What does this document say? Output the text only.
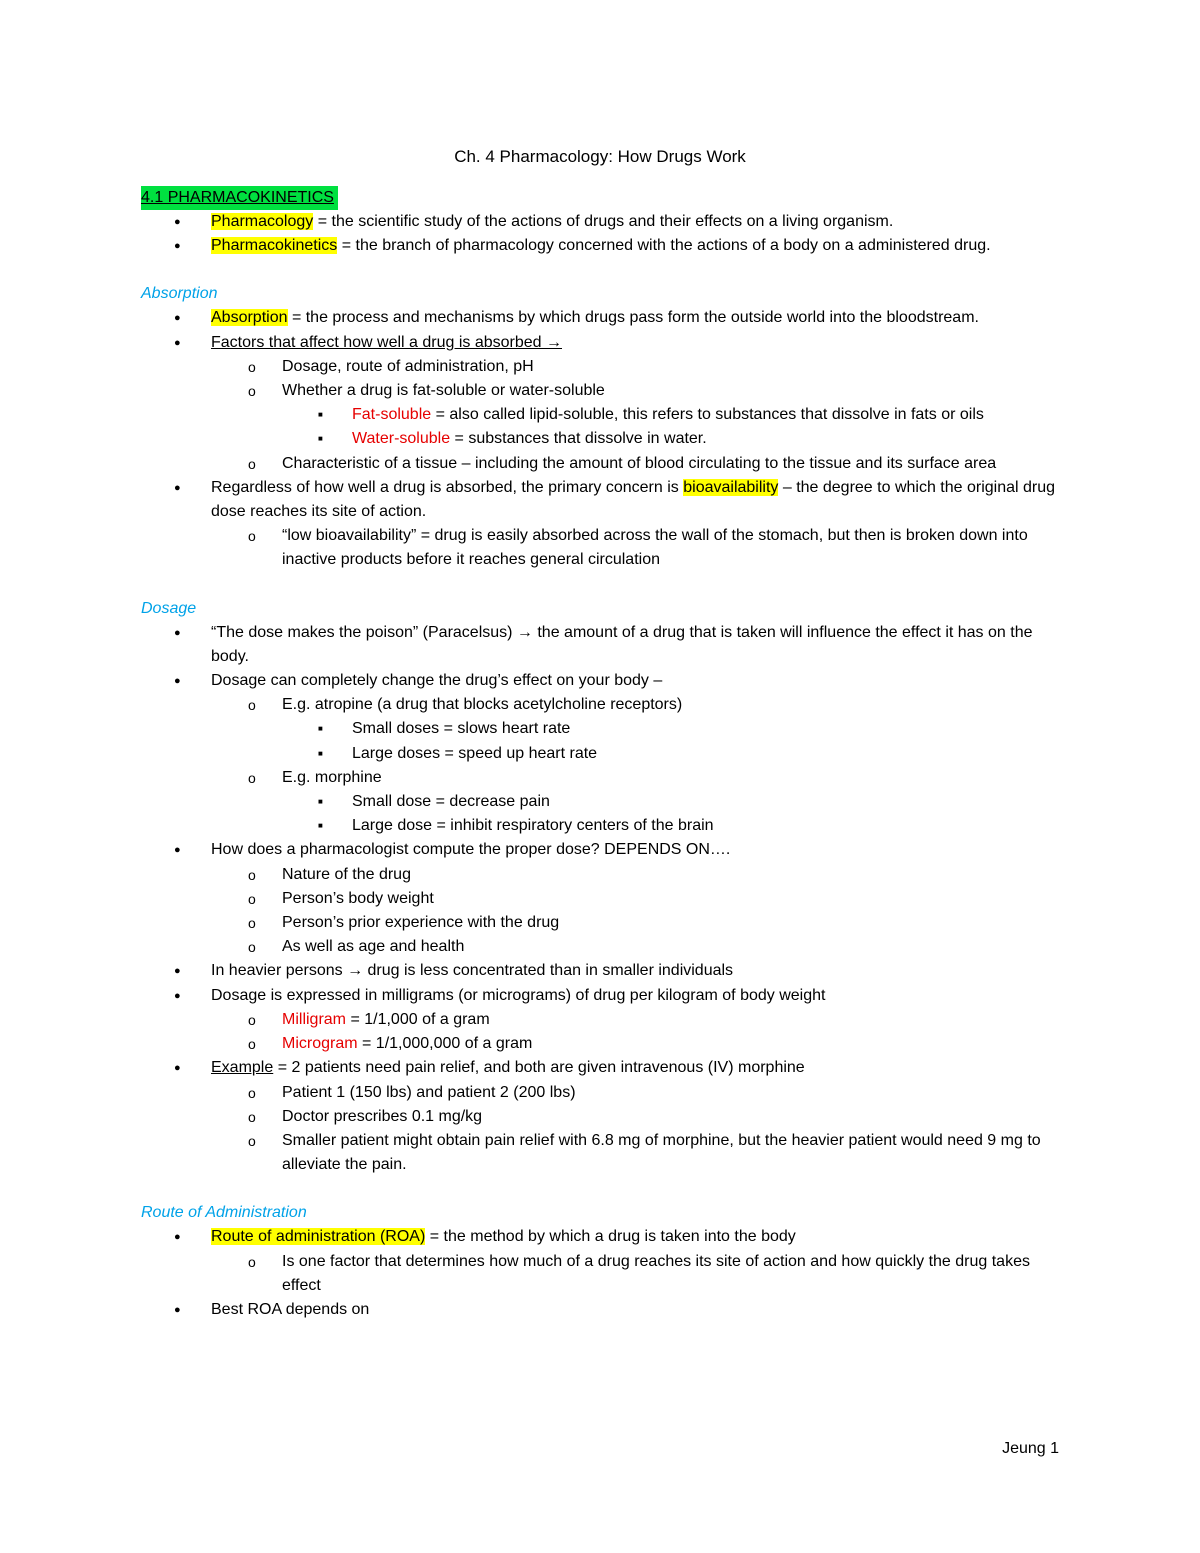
Ch. 4 Pharmacology: How Drugs Work
4.1 PHARMACOKINETICS
● Pharmacology = the scientific study of the actions of drugs and their effects on a living organism.
● Pharmacokinetics = the branch of pharmacology concerned with the actions of a body on a administered drug.
Absorption
● Absorption = the process and mechanisms by which drugs pass form the outside world into the bloodstream.
● Factors that affect how well a drug is absorbed →
o Dosage, route of administration, pH
o Whether a drug is fat-soluble or water-soluble
■ Fat-soluble = also called lipid-soluble, this refers to substances that dissolve in fats or oils
■ Water-soluble = substances that dissolve in water.
o Characteristic of a tissue – including the amount of blood circulating to the tissue and its surface area
● Regardless of how well a drug is absorbed, the primary concern is bioavailability – the degree to which the original drug dose reaches its site of action.
o “low bioavailability” = drug is easily absorbed across the wall of the stomach, but then is broken down into inactive products before it reaches general circulation
Dosage
● “The dose makes the poison” (Paracelsus) → the amount of a drug that is taken will influence the effect it has on the body.
● Dosage can completely change the drug’s effect on your body –
o E.g. atropine (a drug that blocks acetylcholine receptors)
■ Small doses = slows heart rate
■ Large doses = speed up heart rate
o E.g. morphine
■ Small dose = decrease pain
■ Large dose = inhibit respiratory centers of the brain
● How does a pharmacologist compute the proper dose? DEPENDS ON….
o Nature of the drug
o Person’s body weight
o Person’s prior experience with the drug
o As well as age and health
● In heavier persons → drug is less concentrated than in smaller individuals
● Dosage is expressed in milligrams (or micrograms) of drug per kilogram of body weight
o Milligram = 1/1,000 of a gram
o Microgram = 1/1,000,000 of a gram
● Example = 2 patients need pain relief, and both are given intravenous (IV) morphine
o Patient 1 (150 lbs) and patient 2 (200 lbs)
o Doctor prescribes 0.1 mg/kg
o Smaller patient might obtain pain relief with 6.8 mg of morphine, but the heavier patient would need 9 mg to alleviate the pain.
Route of Administration
● Route of administration (ROA) = the method by which a drug is taken into the body
o Is one factor that determines how much of a drug reaches its site of action and how quickly the drug takes effect
● Best ROA depends on
Jeung 1
